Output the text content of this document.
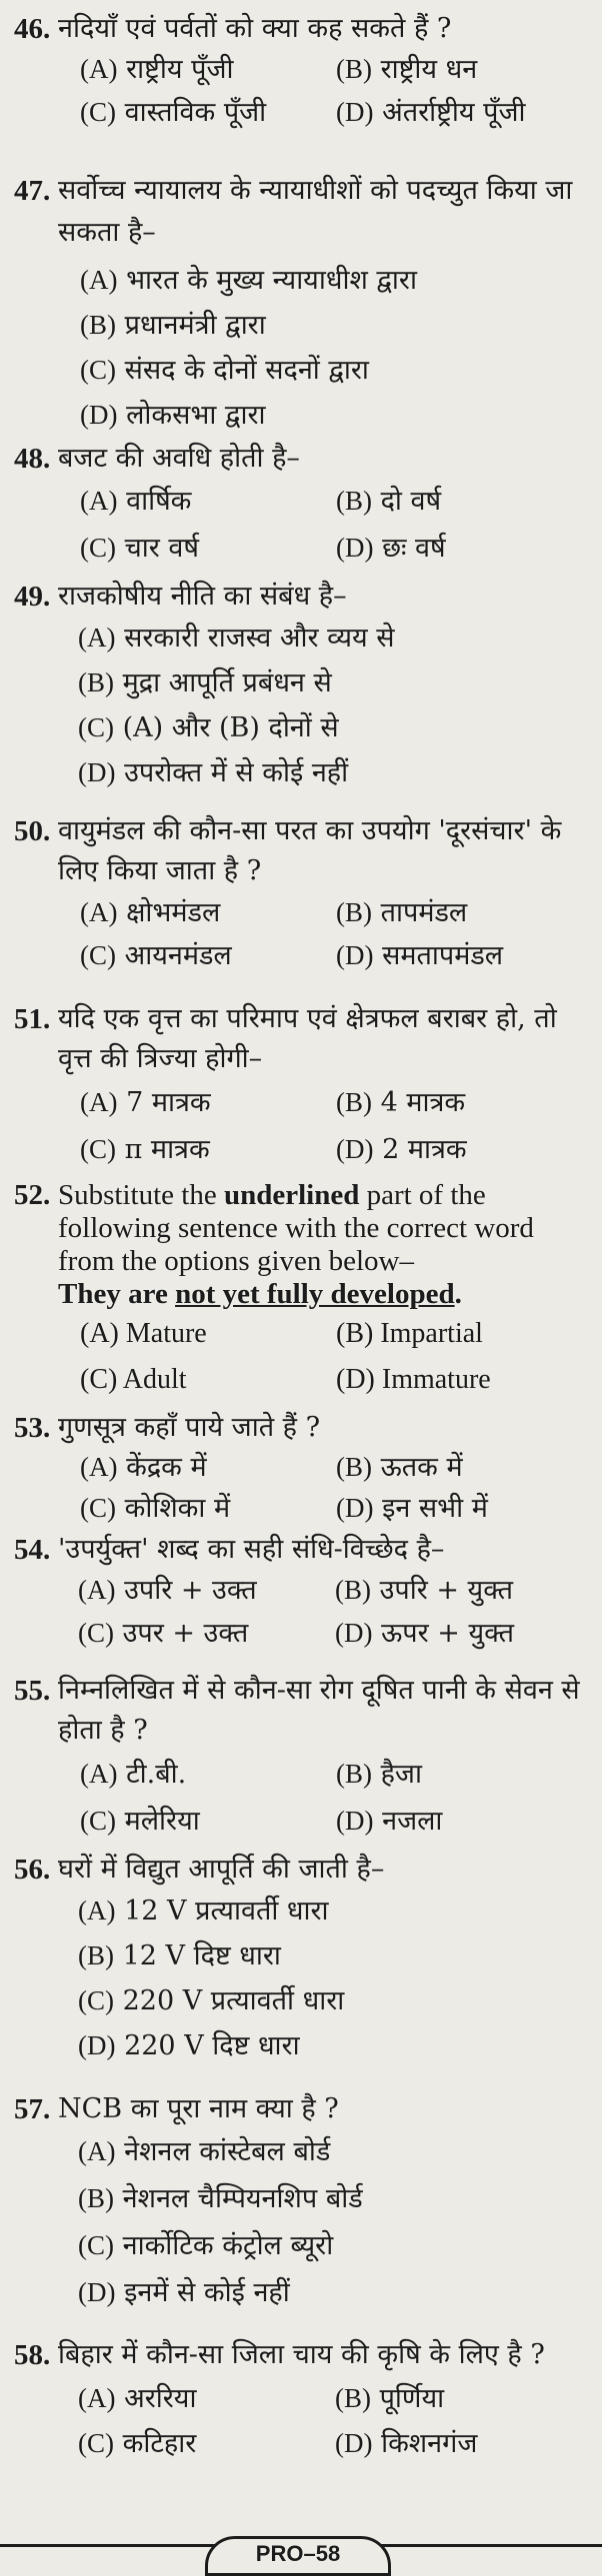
46. नदियाँ एवं पर्वतों को क्या कह सकते हैं ?
(A) राष्ट्रीय पूँजी	(B) राष्ट्रीय धन
(C) वास्तविक पूँजी	(D) अंतर्राष्ट्रीय पूँजी
47. सर्वोच्च न्यायालय के न्यायाधीशों को पदच्युत किया जा सकता है–
(A) भारत के मुख्य न्यायाधीश द्वारा
(B) प्रधानमंत्री द्वारा
(C) संसद के दोनों सदनों द्वारा
(D) लोकसभा द्वारा
48. बजट की अवधि होती है–
(A) वार्षिक	(B) दो वर्ष
(C) चार वर्ष	(D) छः वर्ष
49. राजकोषीय नीति का संबंध है–
(A) सरकारी राजस्व और व्यय से
(B) मुद्रा आपूर्ति प्रबंधन से
(C) (A) और (B) दोनों से
(D) उपरोक्त में से कोई नहीं
50. वायुमंडल की कौन-सा परत का उपयोग 'दूरसंचार' के लिए किया जाता है ?
(A) क्षोभमंडल	(B) तापमंडल
(C) आयनमंडल	(D) समतापमंडल
51. यदि एक वृत्त का परिमाप एवं क्षेत्रफल बराबर हो, तो वृत्त की त्रिज्या होगी–
(A) 7 मात्रक	(B) 4 मात्रक
(C) π मात्रक	(D) 2 मात्रक
52. Substitute the underlined part of the following sentence with the correct word from the options given below–
They are not yet fully developed.
(A) Mature	(B) Impartial
(C) Adult	(D) Immature
53. गुणसूत्र कहाँ पाये जाते हैं ?
(A) केंद्रक में	(B) ऊतक में
(C) कोशिका में	(D) इन सभी में
54. 'उपर्युक्त' शब्द का सही संधि-विच्छेद है–
(A) उपरि + उक्त	(B) उपरि + युक्त
(C) उपर + उक्त	(D) ऊपर + युक्त
55. निम्नलिखित में से कौन-सा रोग दूषित पानी के सेवन से होता है ?
(A) टी.बी.	(B) हैजा
(C) मलेरिया	(D) नजला
56. घरों में विद्युत आपूर्ति की जाती है–
(A) 12 V प्रत्यावर्ती धारा
(B) 12 V दिष्ट धारा
(C) 220 V प्रत्यावर्ती धारा
(D) 220 V दिष्ट धारा
57. NCB का पूरा नाम क्या है ?
(A) नेशनल कांस्टेबल बोर्ड
(B) नेशनल चैम्पियनशिप बोर्ड
(C) नार्कोटिक कंट्रोल ब्यूरो
(D) इनमें से कोई नहीं
58. बिहार में कौन-सा जिला चाय की कृषि के लिए है ?
(A) अररिया	(B) पूर्णिया
(C) कटिहार	(D) किशनगंज
PRO–58
